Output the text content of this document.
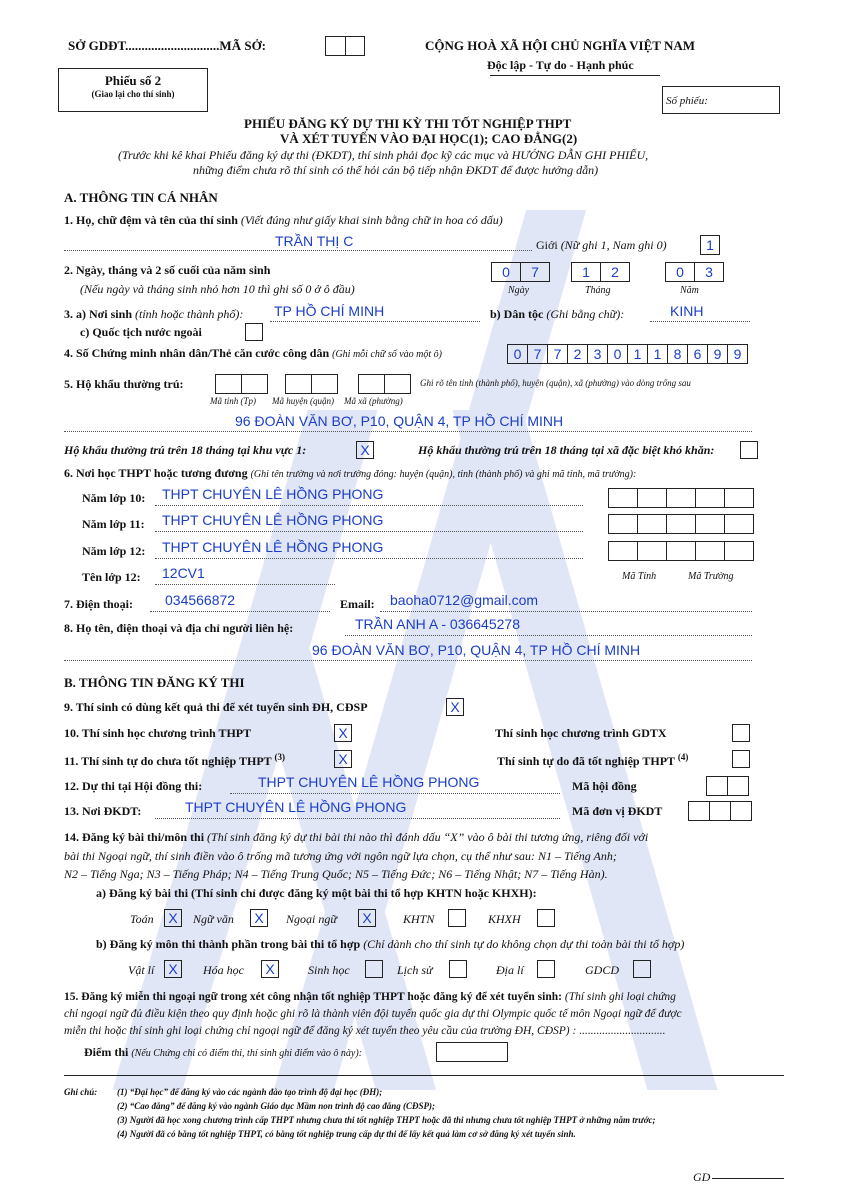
SỞ GDĐT.............................MÃ SỞ:	CỘNG HOÀ XÃ HỘI CHỦ NGHĨA VIỆT NAM
Độc lập - Tự do - Hạnh phúc
Phiếu số 2
(Giao lại cho thí sinh)
Số phiếu:
PHIẾU ĐĂNG KÝ DỰ THI KỲ THI TỐT NGHIỆP THPT
VÀ XÉT TUYỂN VÀO ĐẠI HỌC(1); CAO ĐẲNG(2)
(Trước khi kê khai Phiếu đăng ký dự thi (ĐKDT), thí sinh phải đọc kỹ các mục và HƯỚNG DẪN GHI PHIẾU,
những điểm chưa rõ thí sinh có thể hỏi cán bộ tiếp nhận ĐKDT để được hướng dẫn)
A. THÔNG TIN CÁ NHÂN
1. Họ, chữ đệm và tên của thí sinh (Viết đúng như giấy khai sinh bằng chữ in hoa có dấu)
TRẦN THỊ C	Giới (Nữ ghi 1, Nam ghi 0)	1
2. Ngày, tháng và 2 số cuối của năm sinh
(Nếu ngày và tháng sinh nhỏ hơn 10 thì ghi số 0 ở ô đầu)
0	7	1	2	0	3
Ngày	Tháng	Năm
3. a) Nơi sinh (tỉnh hoặc thành phố): TP HỒ CHÍ MINH	b) Dân tộc (Ghi bằng chữ):	KINH
c) Quốc tịch nước ngoài
4. Số Chứng minh nhân dân/Thẻ căn cước công dân (Ghi mỗi chữ số vào một ô)	0 7 7 2 3 0 1 1 8 6 9 9
5. Hộ khẩu thường trú:	Ghi rõ tên tỉnh (thành phố), huyện (quận), xã (phường) vào dòng trống sau
Mã tỉnh (Tp) Mã huyện (quận) Mã xã (phường)
96 ĐOÀN VĂN BƠ, P10, QUẬN 4, TP HỒ CHÍ MINH
Hộ khẩu thường trú trên 18 tháng tại khu vực 1:	X	Hộ khẩu thường trú trên 18 tháng tại xã đặc biệt khó khăn:
6. Nơi học THPT hoặc tương đương (Ghi tên trường và nơi trường đóng: huyện (quận), tỉnh (thành phố) và ghi mã tỉnh, mã trường):
Năm lớp 10: THPT CHUYÊN LÊ HỒNG PHONG
Năm lớp 11: THPT CHUYÊN LÊ HỒNG PHONG
Năm lớp 12: THPT CHUYÊN LÊ HỒNG PHONG
Tên lớp 12: 12CV1	Mã Tỉnh	Mã Trường
7. Điện thoại: 034566872	Email: baoha0712@gmail.com
8. Họ tên, điện thoại và địa chỉ người liên hệ:	TRẦN ANH A - 036645278
96 ĐOÀN VĂN BƠ, P10, QUẬN 4, TP HỒ CHÍ MINH
B. THÔNG TIN ĐĂNG KÝ THI
9. Thí sinh có dùng kết quả thi để xét tuyển sinh ĐH, CĐSP	X
10. Thí sinh học chương trình THPT	X	Thí sinh học chương trình GDTX
11. Thí sinh tự do chưa tốt nghiệp THPT $^{(3)}$	X	Thí sinh tự do đã tốt nghiệp THPT $^{(4)}$
12. Dự thi tại Hội đồng thi:	THPT CHUYÊN LÊ HỒNG PHONG	Mã hội đồng
13. Nơi ĐKDT:	THPT CHUYÊN LÊ HỒNG PHONG	Mã đơn vị ĐKDT
14. Đăng ký bài thi/môn thi (Thí sinh đăng ký dự thi bài thi nào thì đánh dấu “X” vào ô bài thi tương ứng, riêng đối với
bài thi Ngoại ngữ, thí sinh điền vào ô trống mã tương ứng với ngôn ngữ lựa chọn, cụ thể như sau: N1 – Tiếng Anh;
N2 – Tiếng Nga; N3 – Tiếng Pháp; N4 – Tiếng Trung Quốc; N5 – Tiếng Đức; N6 – Tiếng Nhật; N7 – Tiếng Hàn).
a) Đăng ký bài thi (Thí sinh chỉ được đăng ký một bài thi tổ hợp KHTN hoặc KHXH):
Toán	X	Ngữ văn	X	Ngoại ngữ	X	KHTN	KHXH
b) Đăng ký môn thi thành phần trong bài thi tổ hợp (Chỉ dành cho thí sinh tự do không chọn dự thi toàn bài thi tổ hợp)
Vật lí X	Hóa học	X	Sinh học	Lịch sử	Địa lí	GDCD
15. Đăng ký miễn thi ngoại ngữ trong xét công nhận tốt nghiệp THPT hoặc đăng ký để xét tuyển sinh: (Thí sinh ghi loại chứng
chỉ ngoại ngữ đủ điều kiện theo quy định hoặc ghi rõ là thành viên đội tuyển quốc gia dự thi Olympic quốc tế môn Ngoại ngữ để được
miễn thi hoặc thí sinh ghi loại chứng chỉ ngoại ngữ để đăng ký xét tuyển theo yêu cầu của trường ĐH, CĐSP) : ..............................
Điểm thi (Nếu Chứng chỉ có điểm thi, thí sinh ghi điểm vào ô này):
Ghi chú: (1) “Đại học” để đăng ký vào các ngành đào tạo trình độ đại học (ĐH);
(2) “Cao đẳng” để đăng ký vào ngành Giáo dục Mầm non trình độ cao đẳng (CĐSP);
(3) Người đã học xong chương trình cấp THPT nhưng chưa thi tốt nghiệp THPT hoặc đã thi nhưng chưa tốt nghiệp THPT ở những năm trước;
(4) Người đã có bằng tốt nghiệp THPT, có bằng tốt nghiệp trung cấp dự thi để lấy kết quả làm cơ sở đăng ký xét tuyển sinh.
GD
